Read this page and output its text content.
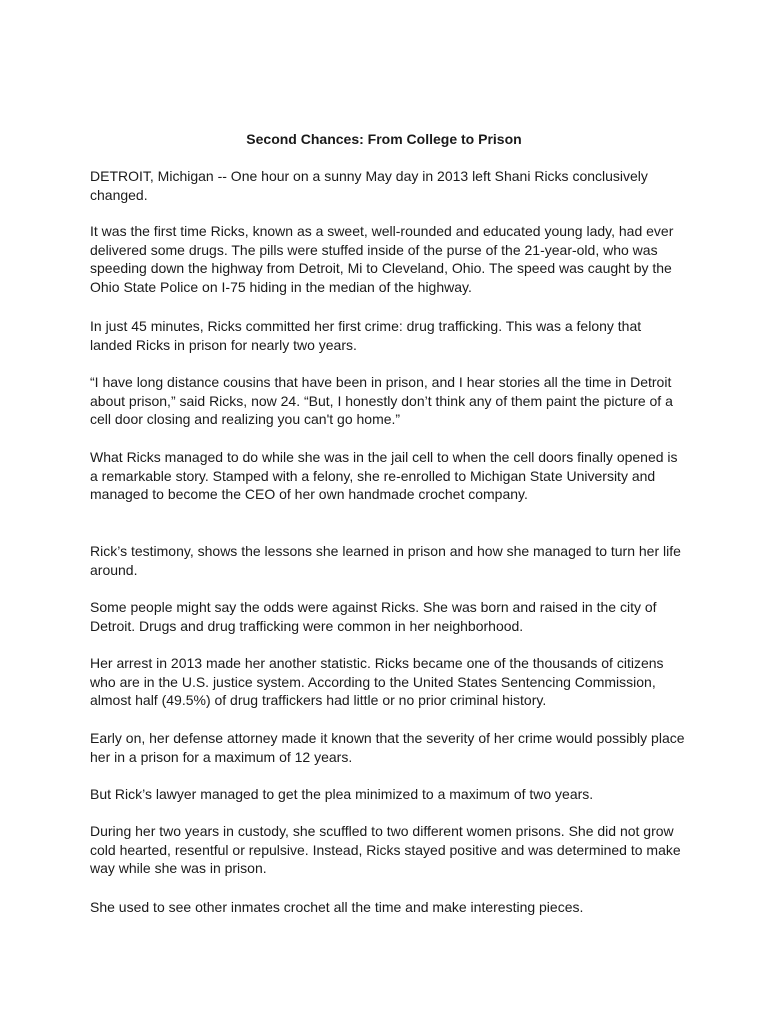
Second Chances: From College to Prison

DETROIT, Michigan -- One hour on a sunny May day in 2013 left Shani Ricks conclusively
changed.

It was the first time Ricks, known as a sweet, well-rounded and educated young lady, had ever
delivered some drugs. The pills were stuffed inside of the purse of the 21-year-old, who was
speeding down the highway from Detroit, Mi to Cleveland, Ohio. The speed was caught by the
Ohio State Police on I-75 hiding in the median of the highway.

In just 45 minutes, Ricks committed her first crime: drug trafficking. This was a felony that
landed Ricks in prison for nearly two years.

“I have long distance cousins that have been in prison, and I hear stories all the time in Detroit
about prison,” said Ricks, now 24. “But, I honestly don’t think any of them paint the picture of a
cell door closing and realizing you can't go home.”

What Ricks managed to do while she was in the jail cell to when the cell doors finally opened is
a remarkable story. Stamped with a felony, she re-enrolled to Michigan State University and
managed to become the CEO of her own handmade crochet company.

Rick’s testimony, shows the lessons she learned in prison and how she managed to turn her life
around.

Some people might say the odds were against Ricks. She was born and raised in the city of
Detroit. Drugs and drug trafficking were common in her neighborhood.

Her arrest in 2013 made her another statistic. Ricks became one of the thousands of citizens
who are in the U.S. justice system. According to the United States Sentencing Commission,
almost half (49.5%) of drug traffickers had little or no prior criminal history.

Early on, her defense attorney made it known that the severity of her crime would possibly place
her in a prison for a maximum of 12 years.

But Rick’s lawyer managed to get the plea minimized to a maximum of two years.

During her two years in custody, she scuffled to two different women prisons. She did not grow
cold hearted, resentful or repulsive. Instead, Ricks stayed positive and was determined to make
way while she was in prison.

She used to see other inmates crochet all the time and make interesting pieces.
